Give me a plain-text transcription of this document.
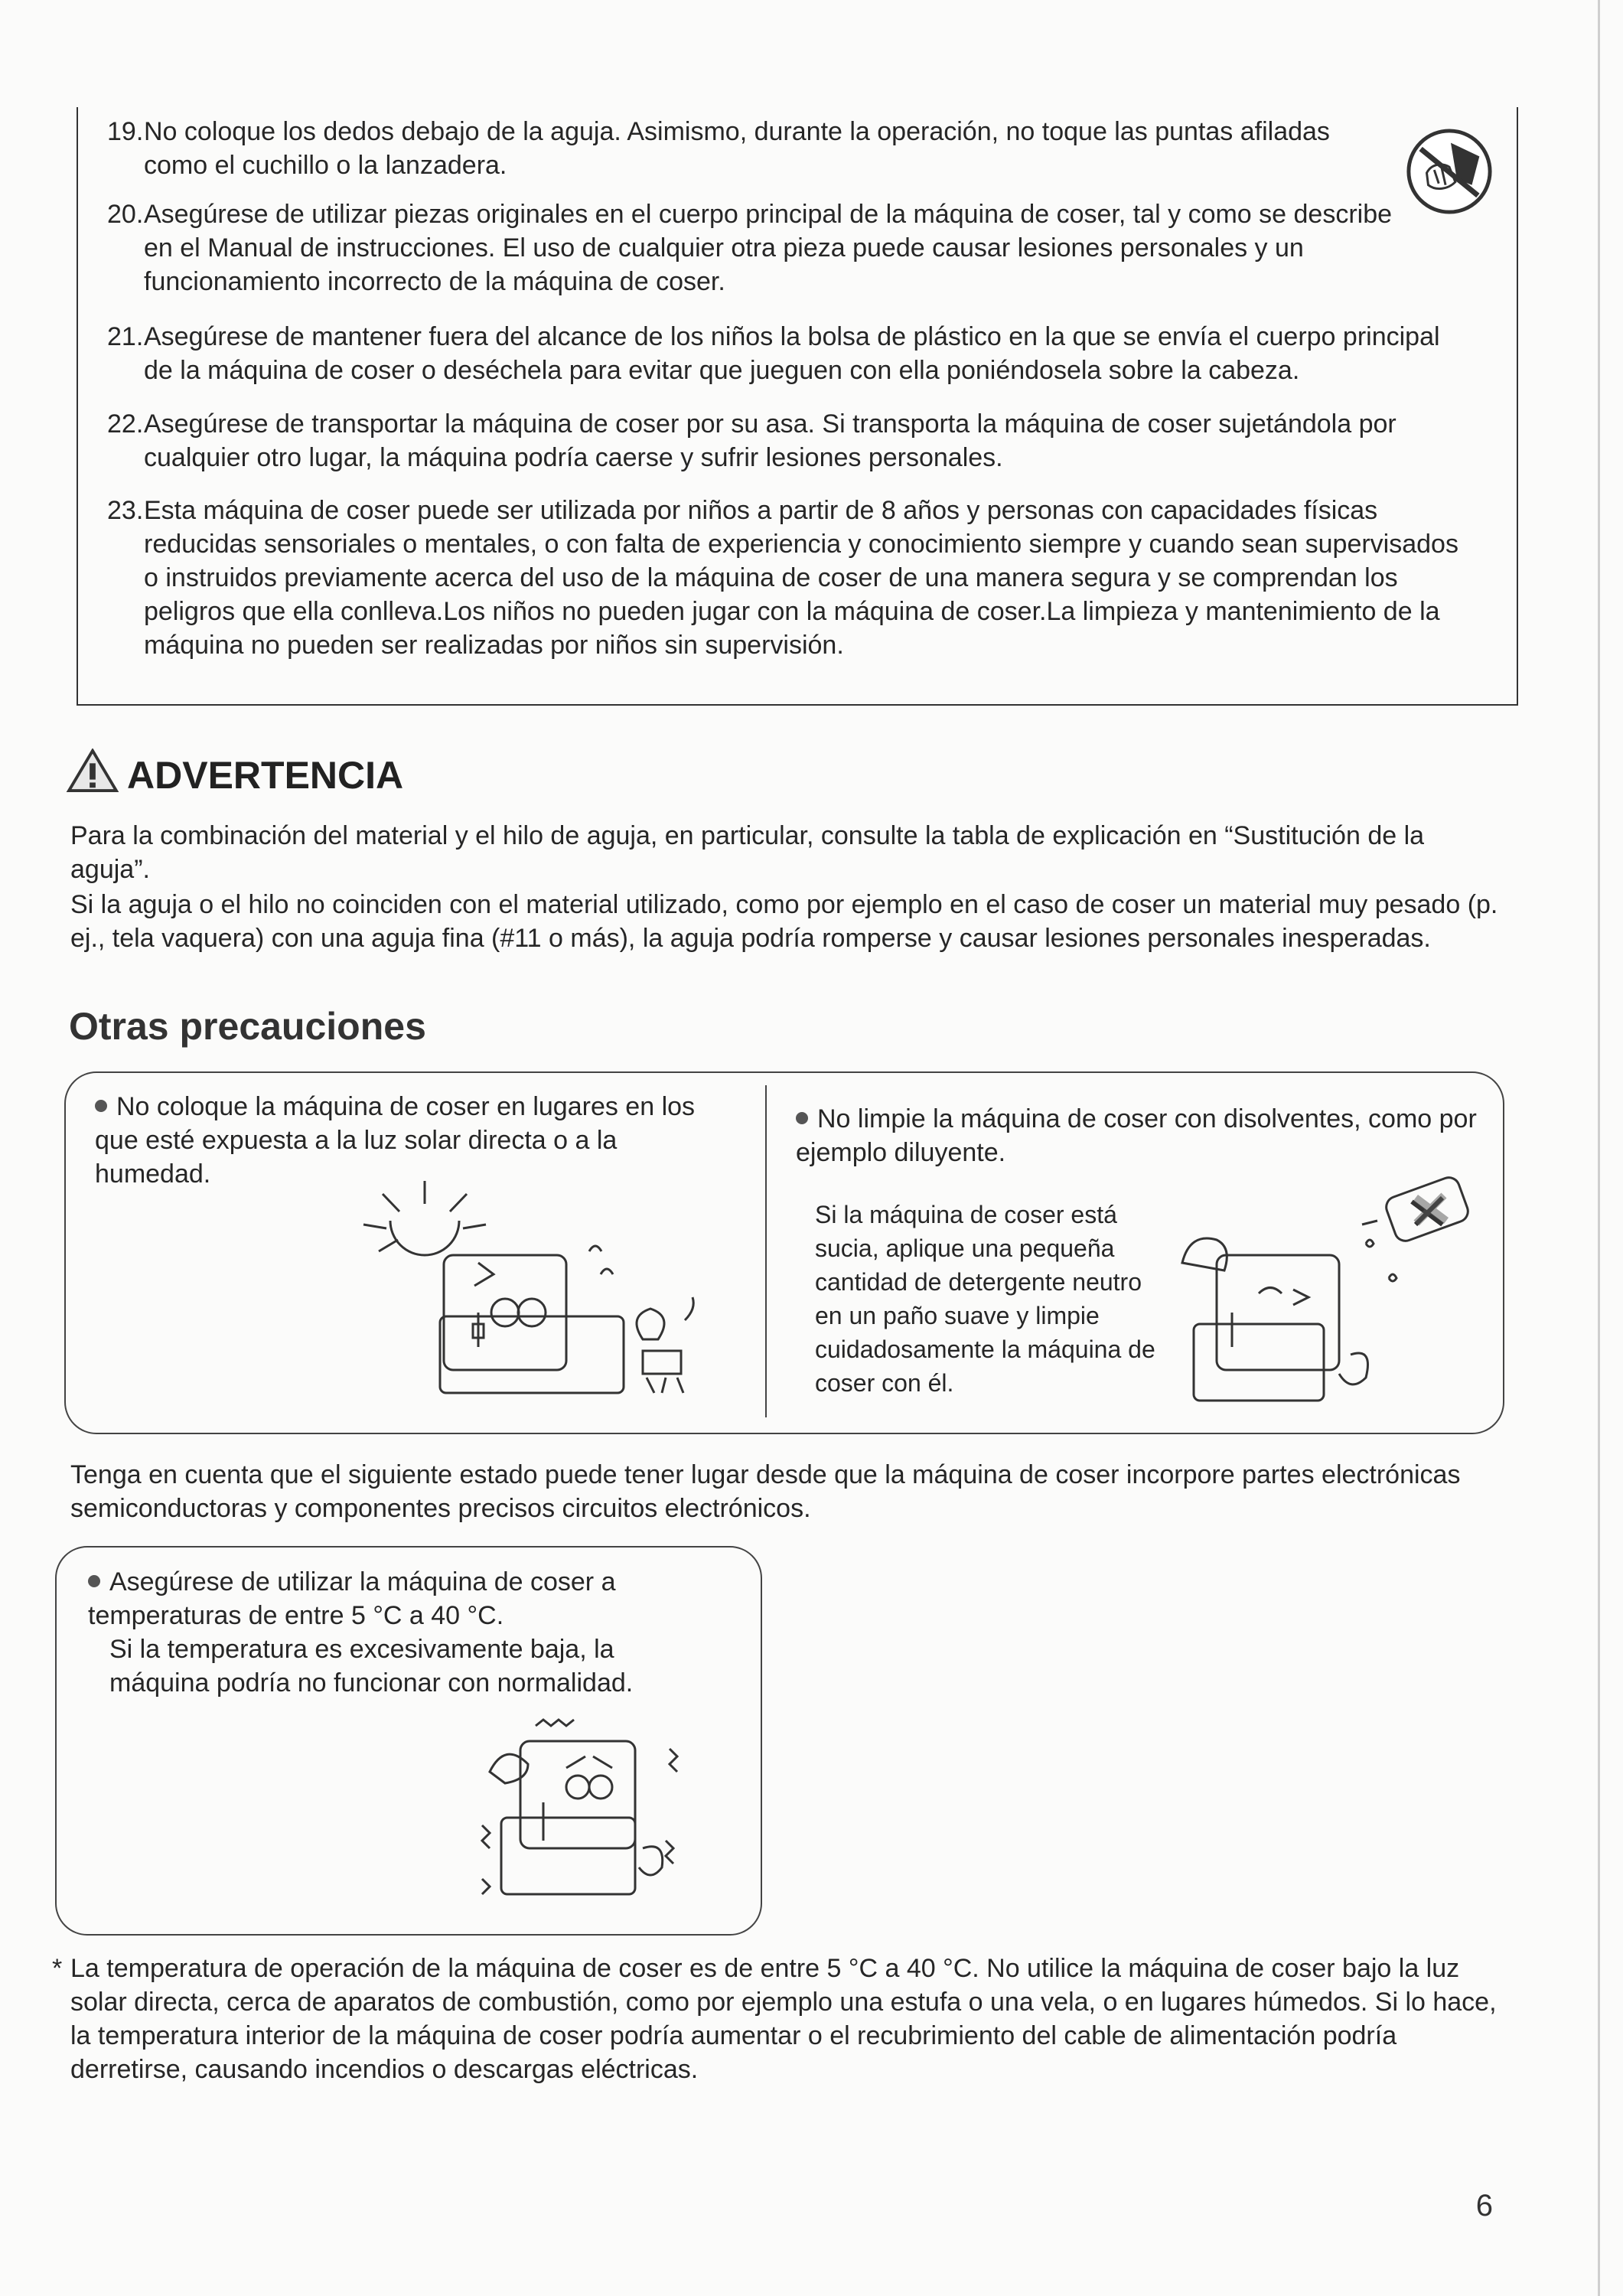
19. No coloque los dedos debajo de la aguja. Asimismo, durante la operación, no toque las puntas afiladas como el cuchillo o la lanzadera.
20. Asegúrese de utilizar piezas originales en el cuerpo principal de la máquina de coser, tal y como se describe en el Manual de instrucciones. El uso de cualquier otra pieza puede causar lesiones personales y un funcionamiento incorrecto de la máquina de coser.
21. Asegúrese de mantener fuera del alcance de los niños la bolsa de plástico en la que se envía el cuerpo principal de la máquina de coser o deséchela para evitar que jueguen con ella poniéndosela sobre la cabeza.
22. Asegúrese de transportar la máquina de coser por su asa. Si transporta la máquina de coser sujetándola por cualquier otro lugar, la máquina podría caerse y sufrir lesiones personales.
23. Esta máquina de coser puede ser utilizada por niños a partir de 8 años y personas con capacidades físicas reducidas sensoriales o mentales, o con falta de experiencia y conocimiento siempre y cuando sean supervisados o instruidos previamente acerca del uso de la máquina de coser de una manera segura y se comprendan los peligros que ella conlleva.Los niños no pueden jugar con la máquina de coser.La limpieza y mantenimiento de la máquina no pueden ser realizadas por niños sin supervisión.
ADVERTENCIA
Para la combinación del material y el hilo de aguja, en particular, consulte la tabla de explicación en “Sustitución de la aguja”.
Si la aguja o el hilo no coinciden con el material utilizado, como por ejemplo en el caso de coser un material muy pesado (p. ej., tela vaquera) con una aguja fina (#11 o más), la aguja podría romperse y causar lesiones personales inesperadas.
Otras precauciones
No coloque la máquina de coser en lugares en los que esté expuesta a la luz solar directa o a la humedad.
No limpie la máquina de coser con disolventes, como por ejemplo diluyente.
Si la máquina de coser está sucia, aplique una pequeña cantidad de detergente neutro en un paño suave y limpie cuidadosamente la máquina de coser con él.
Tenga en cuenta que el siguiente estado puede tener lugar desde que la máquina de coser incorpore partes electrónicas semiconductoras y componentes precisos circuitos electrónicos.
Asegúrese de utilizar la máquina de coser a temperaturas de entre 5 °C a 40 °C.
Si la temperatura es excesivamente baja, la máquina podría no funcionar con normalidad.
* La temperatura de operación de la máquina de coser es de entre 5 °C a 40 °C. No utilice la máquina de coser bajo la luz solar directa, cerca de aparatos de combustión, como por ejemplo una estufa o una vela, o en lugares húmedos. Si lo hace, la temperatura interior de la máquina de coser podría aumentar o el recubrimiento del cable de alimentación podría derretirse, causando incendios o descargas eléctricas.
6
